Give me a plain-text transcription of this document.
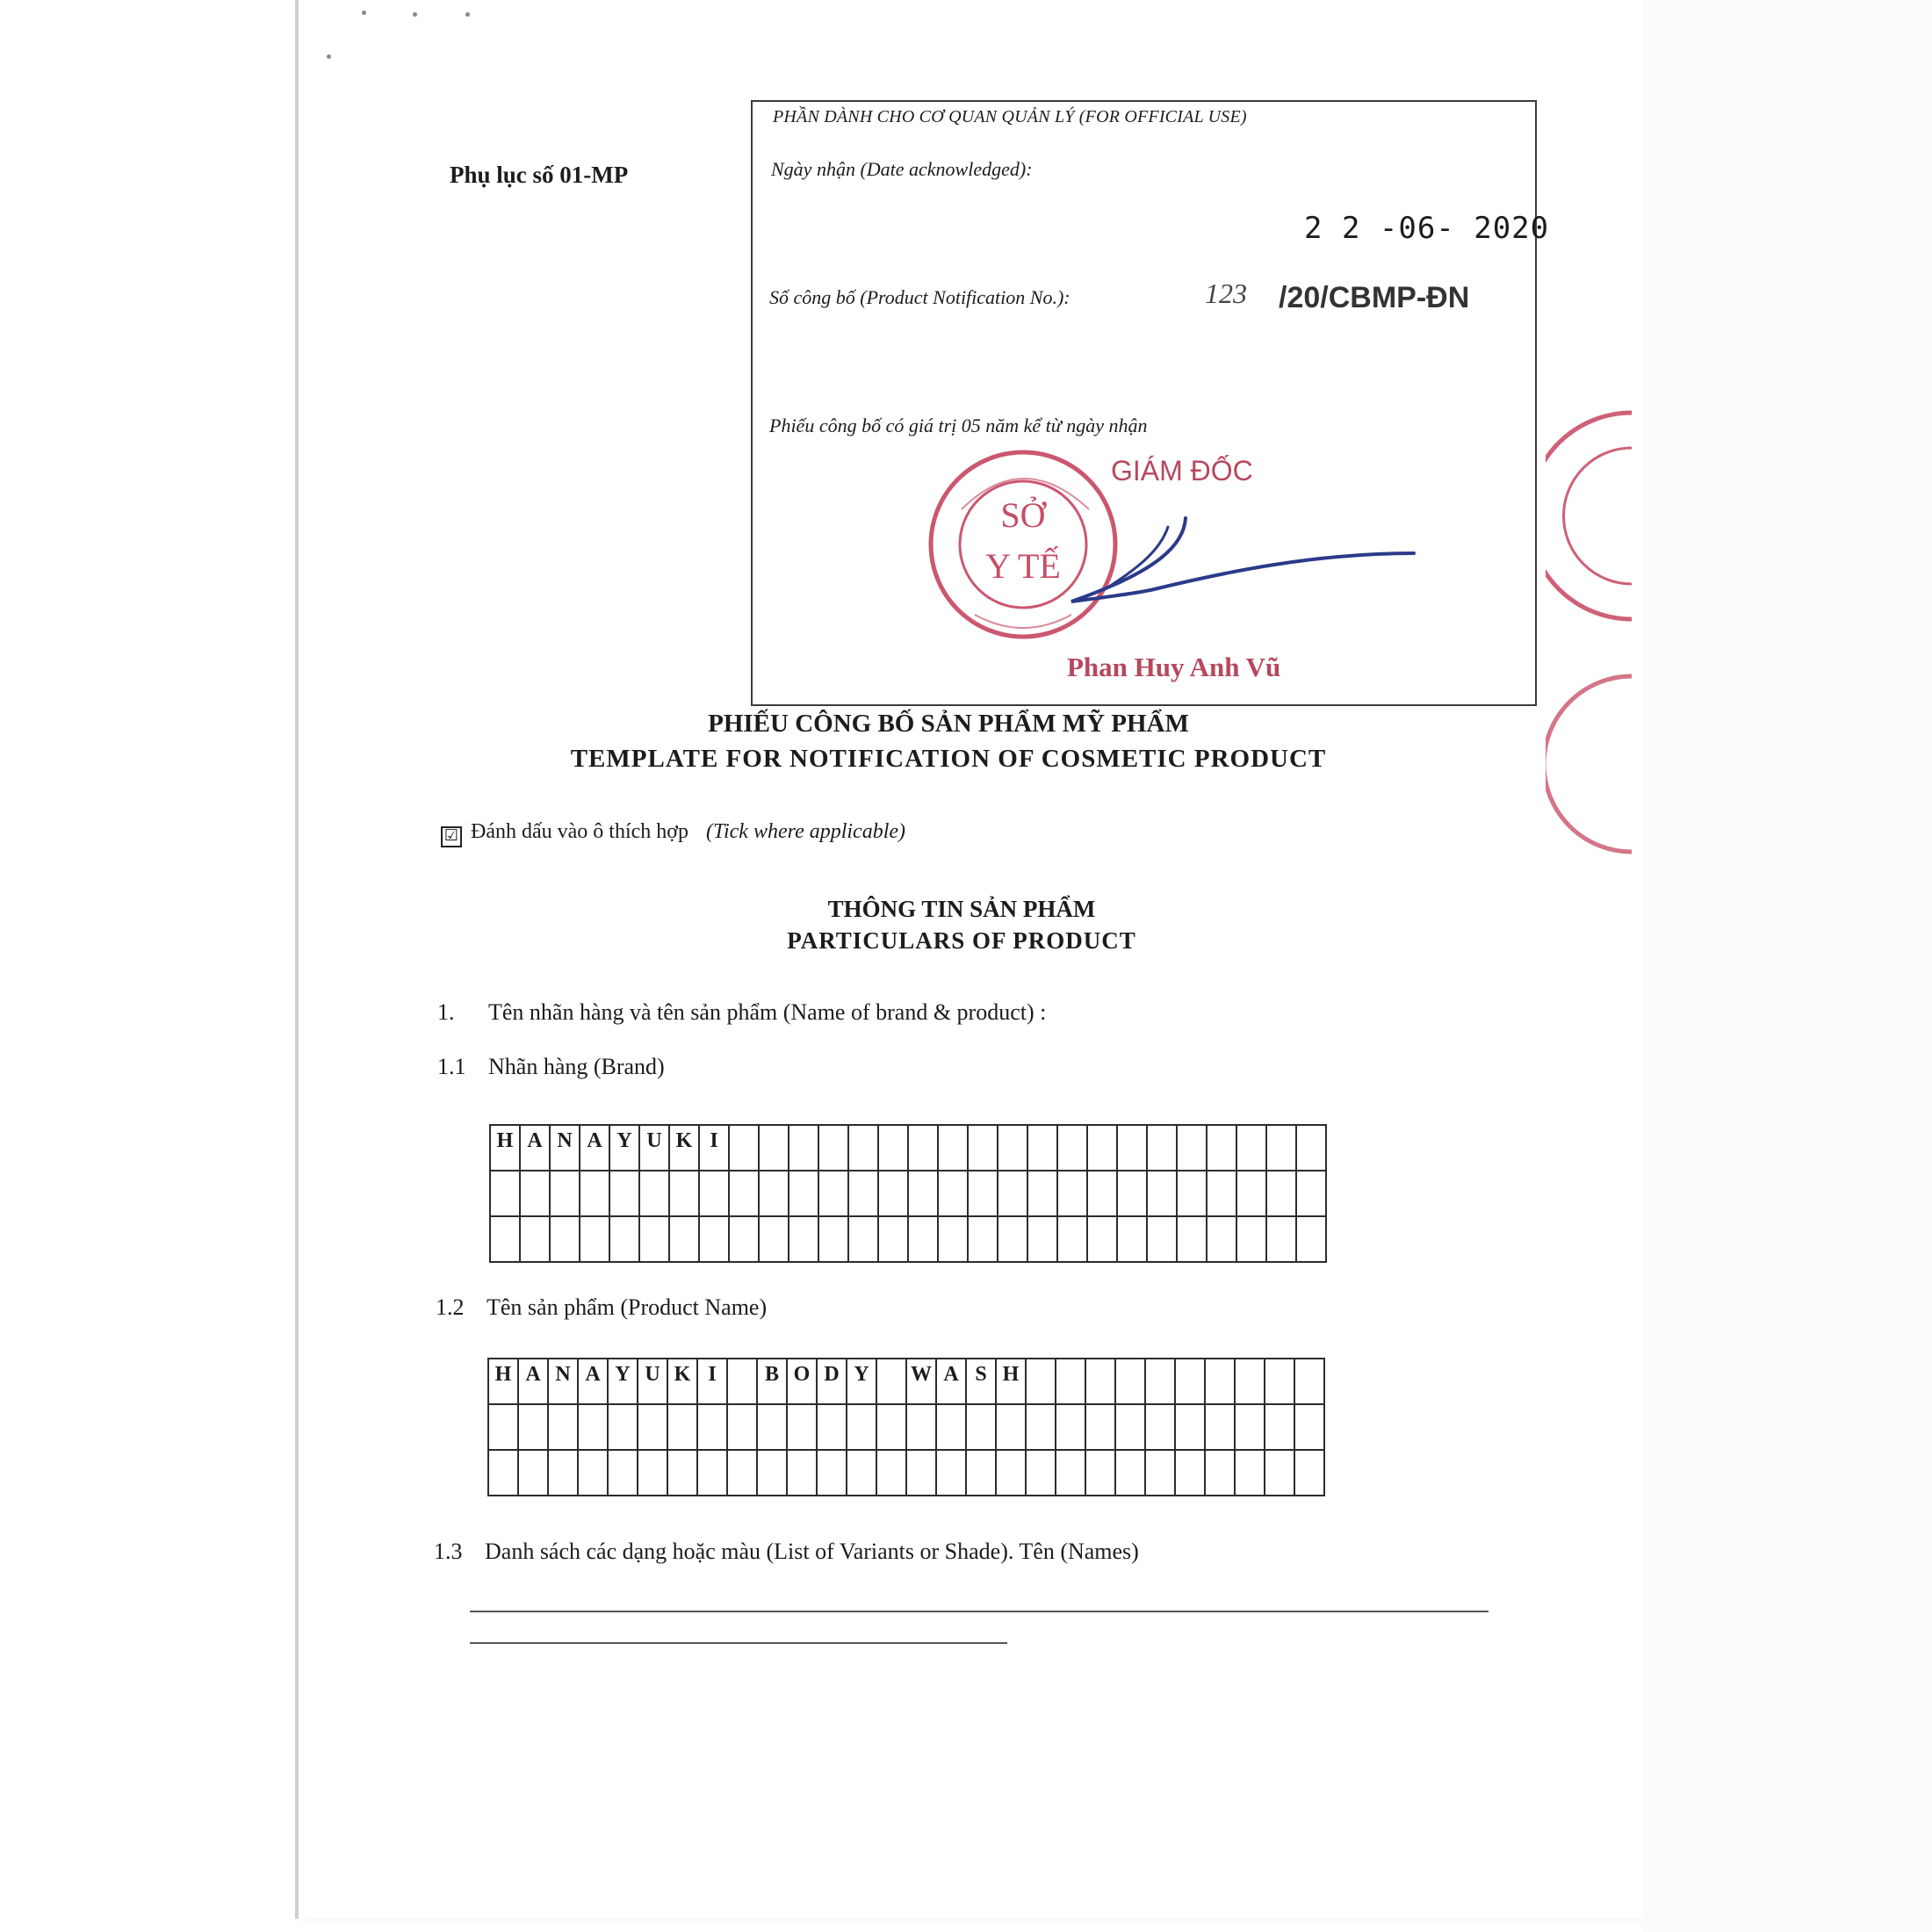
Phụ lục số 01-MP
PHẦN DÀNH CHO CƠ QUAN QUẢN LÝ (FOR OFFICIAL USE)
Ngày nhận (Date acknowledged):
2 2 -06- 2020
Số công bố (Product Notification No.):	123 /20/CBMP-ĐN
Phiếu công bố có giá trị 05 năm kể từ ngày nhận
GIÁM ĐỐC
SỞ
Y TẾ
Phan Huy Anh Vũ
PHIẾU CÔNG BỐ SẢN PHẨM MỸ PHẨM
TEMPLATE FOR NOTIFICATION OF COSMETIC PRODUCT
☑ Đánh dấu vào ô thích hợp (Tick where applicable)
THÔNG TIN SẢN PHẨM
PARTICULARS OF PRODUCT
1. Tên nhãn hàng và tên sản phẩm (Name of brand & product) :
1.1 Nhãn hàng (Brand)
H	A	N	A	Y	U	K	I																				

1.2 Tên sản phẩm (Product Name)
H	A	N	A	Y	U	K	I		B	O	D	Y		W	A	S	H										

1.3 Danh sách các dạng hoặc màu (List of Variants or Shade). Tên (Names)
